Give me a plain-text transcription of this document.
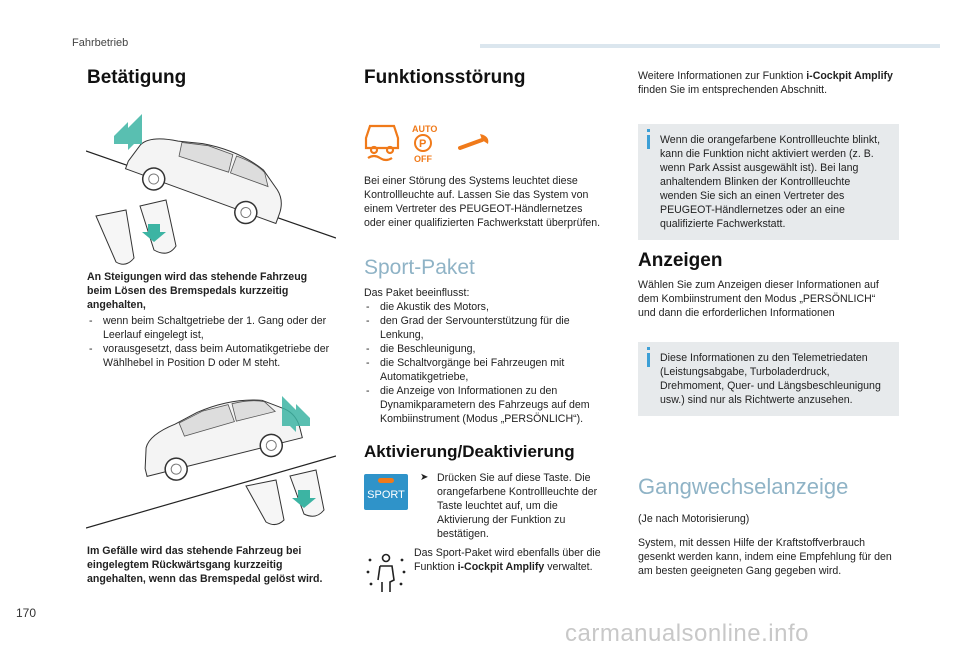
Fahrbetrieb
Betätigung
An Steigungen wird das stehende Fahrzeug beim Lösen des Bremspedals kurzzeitig angehalten,
- wenn beim Schaltgetriebe der 1. Gang oder der Leerlauf eingelegt ist,
- vorausgesetzt, dass beim Automatikgetriebe der Wählhebel in Position D oder M steht.
Im Gefälle wird das stehende Fahrzeug bei eingelegtem Rückwärtsgang kurzzeitig angehalten, wenn das Bremspedal gelöst wird.
Funktionsstörung
AUTO
P
OFF
Bei einer Störung des Systems leuchtet diese Kontrollleuchte auf. Lassen Sie das System von einem Vertreter des PEUGEOT-Händlernetzes oder einer qualifizierten Fachwerkstatt überprüfen.
Sport-Paket
Das Paket beeinflusst:
- die Akustik des Motors,
- den Grad der Servounterstützung für die Lenkung,
- die Beschleunigung,
- die Schaltvorgänge bei Fahrzeugen mit Automatikgetriebe,
- die Anzeige von Informationen zu den Dynamikparametern des Fahrzeugs auf dem Kombiinstrument (Modus „PERSÖNLICH“).
Aktivierung/Deaktivierung
SPORT
➤ Drücken Sie auf diese Taste. Die orangefarbene Kontrollleuchte der Taste leuchtet auf, um die Aktivierung der Funktion zu bestätigen.
Das Sport-Paket wird ebenfalls über die Funktion i-Cockpit Amplify verwaltet.
Weitere Informationen zur Funktion i-Cockpit Amplify finden Sie im entsprechenden Abschnitt.
Wenn die orangefarbene Kontrollleuchte blinkt, kann die Funktion nicht aktiviert werden (z. B. wenn Park Assist ausgewählt ist). Bei lang anhaltendem Blinken der Kontrollleuchte wenden Sie sich an einen Vertreter des PEUGEOT-Händlernetzes oder an eine qualifizierte Fachwerkstatt.
Anzeigen
Wählen Sie zum Anzeigen dieser Informationen auf dem Kombiinstrument den Modus „PERSÖNLICH“ und dann die erforderlichen Informationen
Diese Informationen zu den Telemetriedaten (Leistungsabgabe, Turboladerdruck, Drehmoment, Quer- und Längsbeschleunigung usw.) sind nur als Richtwerte anzusehen.
Gangwechselanzeige
(Je nach Motorisierung)
System, mit dessen Hilfe der Kraftstoffverbrauch gesenkt werden kann, indem eine Empfehlung für den am besten geeigneten Gang gegeben wird.
170
carmanualsonline.info
